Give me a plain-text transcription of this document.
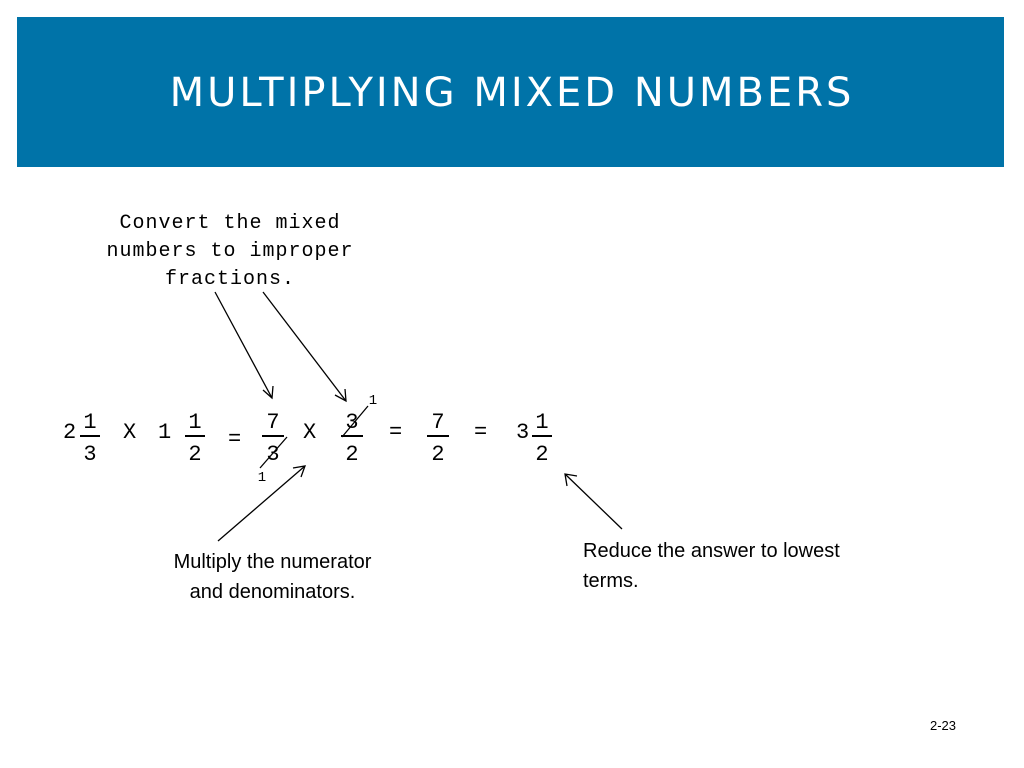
MULTIPLYING MIXED NUMBERS
Convert the mixed
numbers to improper
fractions.
2 1
3
X 1 1
2
=
7
3
1
X
1
3
2
= 7
2
= 3 1
2
Multiply the numerator
and denominators.
Reduce the answer to lowest
terms.
2-23
